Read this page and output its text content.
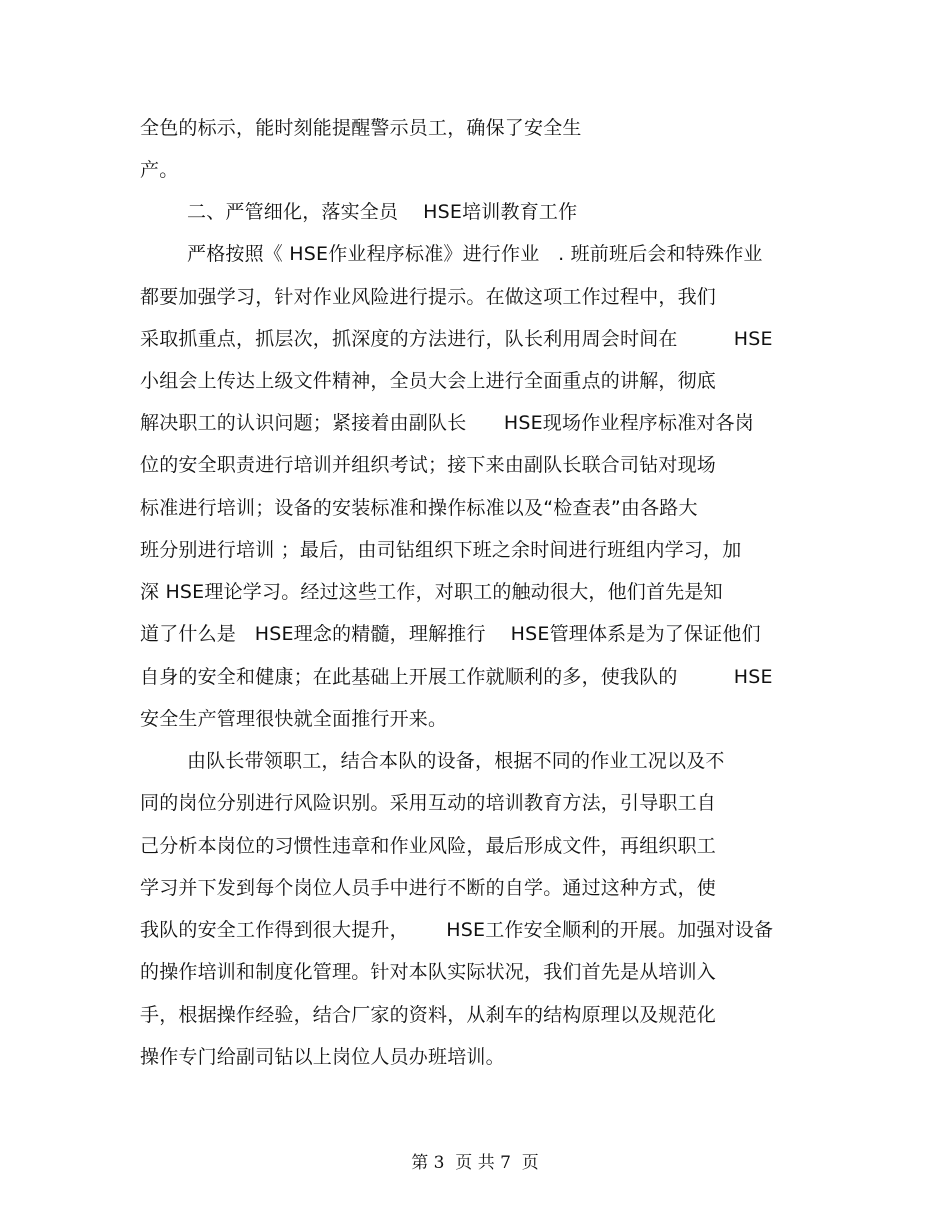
全色的标示，能时刻能提醒警示员工，确保了安全生
产。
二、严管细化，落实全员    HSE培训教育工作
严格按照《 HSE作业程序标准》进行作业   . 班前班后会和特殊作业
都要加强学习，针对作业风险进行提示。在做这项工作过程中，我们
采取抓重点，抓层次，抓深度的方法进行，队长利用周会时间在         HSE
小组会上传达上级文件精神，全员大会上进行全面重点的讲解，彻底
解决职工的认识问题；紧接着由副队长      HSE现场作业程序标准对各岗
位的安全职责进行培训并组织考试；接下来由副队长联合司钻对现场
标准进行培训；设备的安装标准和操作标准以及“检查表”由各路大
班分别进行培训 ；最后，由司钻组织下班之余时间进行班组内学习，加
深 HSE理论学习。经过这些工作，对职工的触动很大，他们首先是知
道了什么是   HSE理念的精髓，理解推行    HSE管理体系是为了保证他们
自身的安全和健康；在此基础上开展工作就顺利的多，使我队的         HSE
安全生产管理很快就全面推行开来。
由队长带领职工，结合本队的设备，根据不同的作业工况以及不
同的岗位分别进行风险识别。采用互动的培训教育方法，引导职工自
己分析本岗位的习惯性违章和作业风险，最后形成文件，再组织职工
学习并下发到每个岗位人员手中进行不断的自学。通过这种方式，使
我队的安全工作得到很大提升，      HSE工作安全顺利的开展。加强对设备
的操作培训和制度化管理。针对本队实际状况，我们首先是从培训入
手，根据操作经验，结合厂家的资料，从刹车的结构原理以及规范化
操作专门给副司钻以上岗位人员办班培训。
第 3  页 共 7  页
